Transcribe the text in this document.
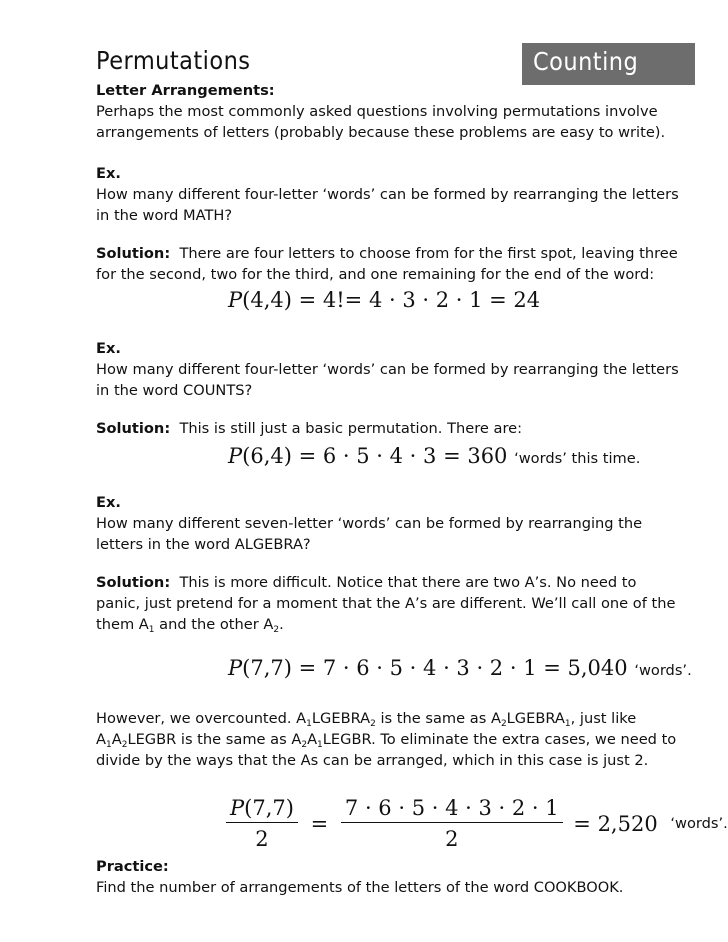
Permutations	Counting
Letter Arrangements:
Perhaps the most commonly asked questions involving permutations involve
arrangements of letters (probably because these problems are easy to write).
Ex.
How many different four-letter ‘words’ can be formed by rearranging the letters
in the word MATH?
Solution: There are four letters to choose from for the first spot, leaving three
for the second, two for the third, and one remaining for the end of the word:
P(4,4) = 4!= 4 · 3 · 2 · 1 = 24
Ex.
How many different four-letter ‘words’ can be formed by rearranging the letters
in the word COUNTS?
Solution: This is still just a basic permutation. There are:
P(6,4) = 6 · 5 · 4 · 3 = 360 ‘words’ this time.
Ex.
How many different seven-letter ‘words’ can be formed by rearranging the
letters in the word ALGEBRA?
Solution: This is more difficult. Notice that there are two A’s. No need to
panic, just pretend for a moment that the A’s are different. We’ll call one of the
them $A_1$ and the other $A_2$.
P(7,7) = 7 · 6 · 5 · 4 · 3 · 2 · 1 = 5,040 ‘words’.
However, we overcounted. $A_1LGEBRA_2$ is the same as $A_2LGEBRA_1$, just like
$A_1A_2LEGBR$ is the same as $A_2A_1LEGBR$. To eliminate the extra cases, we need to
divide by the ways that the As can be arranged, which in this case is just 2.
$\frac{P(7,7)}{2} = \frac{7 \cdot 6 \cdot 5 \cdot 4 \cdot 3 \cdot 2 \cdot 1}{2} = 2,520$ ‘words’.
Practice:
Find the number of arrangements of the letters of the word COOKBOOK.
